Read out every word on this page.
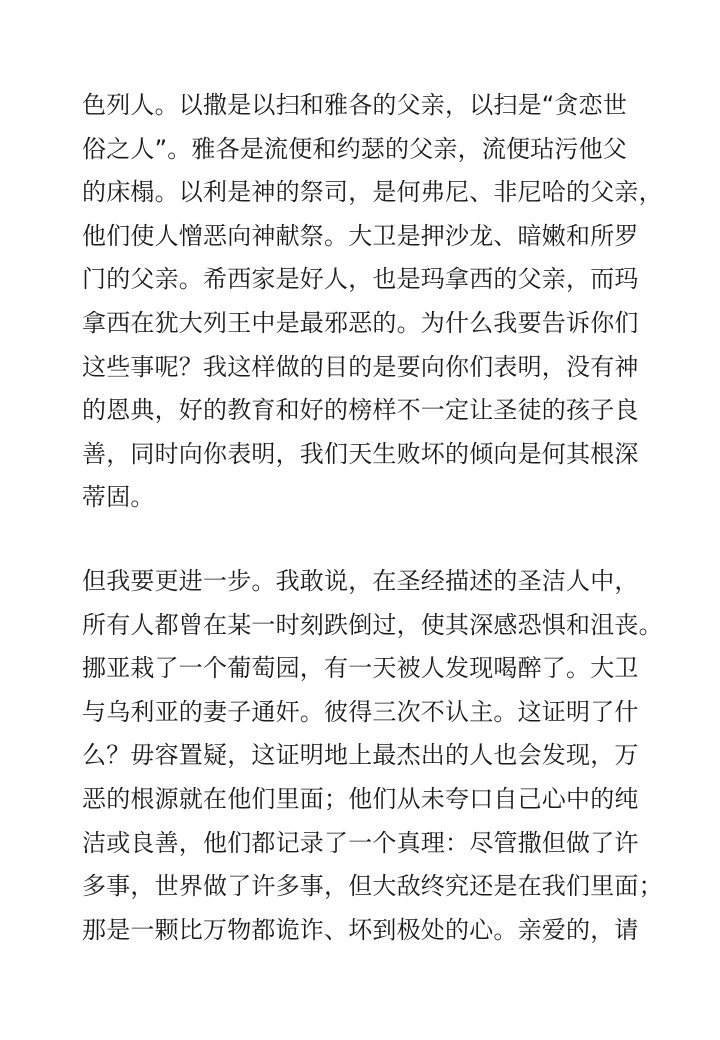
色列人。以撒是以扫和雅各的父亲，以扫是“贪恋世
俗之人”。雅各是流便和约瑟的父亲，流便玷污他父
的床榻。以利是神的祭司，是何弗尼、非尼哈的父亲，
他们使人憎恶向神献祭。大卫是押沙龙、暗嫩和所罗
门的父亲。希西家是好人，也是玛拿西的父亲，而玛
拿西在犹大列王中是最邪恶的。为什么我要告诉你们
这些事呢？我这样做的目的是要向你们表明，没有神
的恩典，好的教育和好的榜样不一定让圣徒的孩子良
善，同时向你表明，我们天生败坏的倾向是何其根深
蒂固。
但我要更进一步。我敢说，在圣经描述的圣洁人中，
所有人都曾在某一时刻跌倒过，使其深感恐惧和沮丧。
挪亚栽了一个葡萄园，有一天被人发现喝醉了。大卫
与乌利亚的妻子通奸。彼得三次不认主。这证明了什
么？毋容置疑，这证明地上最杰出的人也会发现，万
恶的根源就在他们里面；他们从未夸口自己心中的纯
洁或良善，他们都记录了一个真理：尽管撒但做了许
多事，世界做了许多事，但大敌终究还是在我们里面；
那是一颗比万物都诡诈、坏到极处的心。亲爱的，请
